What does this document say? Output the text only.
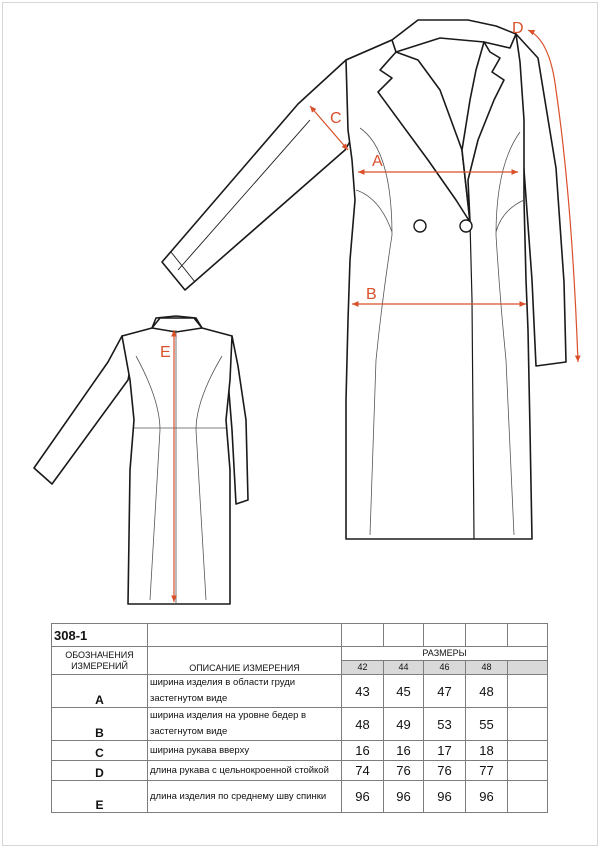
A
B
C
D
E
308-1						
ОБОЗНАЧЕНИЯ ИЗМЕРЕНИЙ	ОПИСАНИЕ ИЗМЕРЕНИЯ	РАЗМЕРЫ				
		42	44	46	48	
A	ширина изделия в области груди застегнутом виде	43	45	47	48	
B	ширина изделия на уровне бедер в застегнутом виде	48	49	53	55	
C	ширина рукава вверху	16	16	17	18	
D	длина рукава с цельнокроенной стойкой	74	76	76	77	
E	длина изделия по среднему шву спинки	96	96	96	96	
